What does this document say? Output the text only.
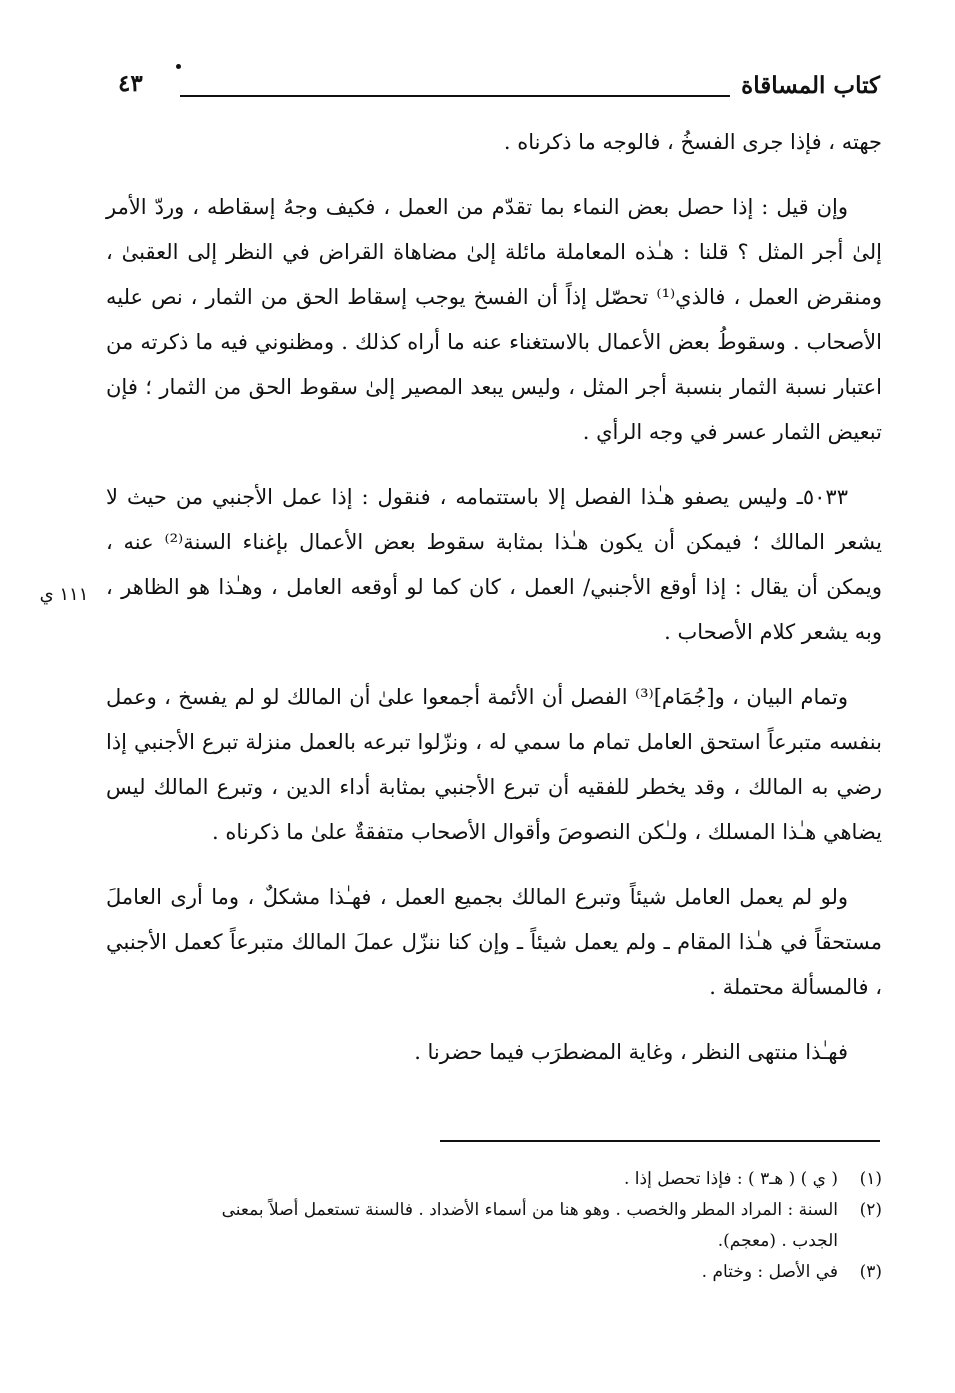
كتاب المساقاة
٤٣

جهته ، فإذا جرى الفسخُ ، فالوجه ما ذكرناه .

وإن قيل : إذا حصل بعض النماء بما تقدّم من العمل ، فكيف وجهُ إسقاطه ، وردّ الأمر إلىٰ أجر المثل ؟ قلنا : هـٰذه المعاملة مائلة إلىٰ مضاهاة القراض في النظر إلى العقبىٰ ، ومنقرض العمل ، فالذي⁽¹⁾ تحصّل إذاً أن الفسخ يوجب إسقاط الحق من الثمار ، نص عليه الأصحاب . وسقوطُ بعض الأعمال بالاستغناء عنه ما أراه كذلك . ومظنوني فيه ما ذكرته من اعتبار نسبة الثمار بنسبة أجر المثل ، وليس يبعد المصير إلىٰ سقوط الحق من الثمار ؛ فإن تبعيض الثمار عسر في وجه الرأي .

٥٠٣٣ـ وليس يصفو هـٰذا الفصل إلا باستتمامه ، فنقول : إذا عمل الأجنبي من حيث لا يشعر المالك ؛ فيمكن أن يكون هـٰذا بمثابة سقوط بعض الأعمال بإغناء السنة⁽²⁾ عنه ، ويمكن أن يقال : إذا أوقع الأجنبي/ العمل ، كان كما لو أوقعه العامل ، وهـٰذا هو الظاهر ، وبه يشعر كلام الأصحاب .

وتمام البيان ، و[جُمَام]⁽³⁾ الفصل أن الأئمة أجمعوا علىٰ أن المالك لو لم يفسخ ، وعمل بنفسه متبرعاً استحق العامل تمام ما سمي له ، ونزّلوا تبرعه بالعمل منزلة تبرع الأجنبي إذا رضي به المالك ، وقد يخطر للفقيه أن تبرع الأجنبي بمثابة أداء الدين ، وتبرع المالك ليس يضاهي هـٰذا المسلك ، ولـٰكن النصوصَ وأقوال الأصحاب متفقةٌ علىٰ ما ذكرناه .

ولو لم يعمل العامل شيئاً وتبرع المالك بجميع العمل ، فهـٰذا مشكلٌ ، وما أرى العاملَ مستحقاً في هـٰذا المقام ـ ولم يعمل شيئاً ـ وإن كنا ننزّل عملَ المالك متبرعاً كعمل الأجنبي ، فالمسألة محتملة .

فهـٰذا منتهى النظر ، وغاية المضطرَب فيما حضرنا .

١١١ ي
(١)
( ي ) ( هـ٣ ) : فإذا تحصل إذا .
(٢)
السنة : المراد المطر والخصب . وهو هنا من أسماء الأضداد . فالسنة تستعمل أصلاً بمعنى
الجدب . (معجم).
(٣)
في الأصل : وختام .
